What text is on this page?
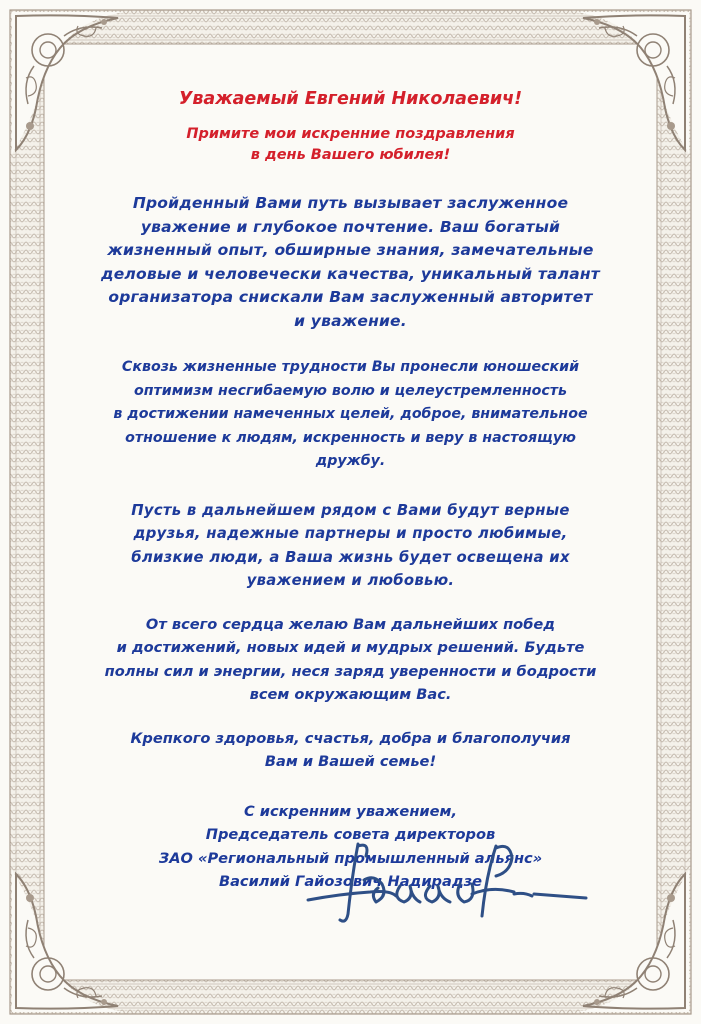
Уважаемый Евгений Николаевич!

Примите мои искренние поздравления
в день Вашего юбилея!

Пройденный Вами путь вызывает заслуженное
уважение и глубокое почтение. Ваш богатый
жизненный опыт, обширные знания, замечательные
деловые и человечески качества, уникальный талант
организатора снискали Вам заслуженный авторитет
и уважение.

Сквозь жизненные трудности Вы пронесли юношеский
оптимизм несгибаемую волю и целеустремленность
в достижении намеченных целей, доброе, внимательное
отношение к людям, искренность и веру в настоящую
дружбу.

Пусть в дальнейшем рядом с Вами будут верные
друзья, надежные партнеры и просто любимые,
близкие люди, а Ваша жизнь будет освещена их
уважением и любовью.

От всего сердца желаю Вам дальнейших побед
и достижений, новых идей и мудрых решений. Будьте
полны сил и энергии, неся заряд уверенности и бодрости
всем окружающим Вас.

Крепкого здоровья, счастья, добра и благополучия
Вам и Вашей семье!

С искренним уважением,
Председатель совета директоров
ЗАО «Региональный промышленный альянс»
Василий Гайозович Надирадзе
